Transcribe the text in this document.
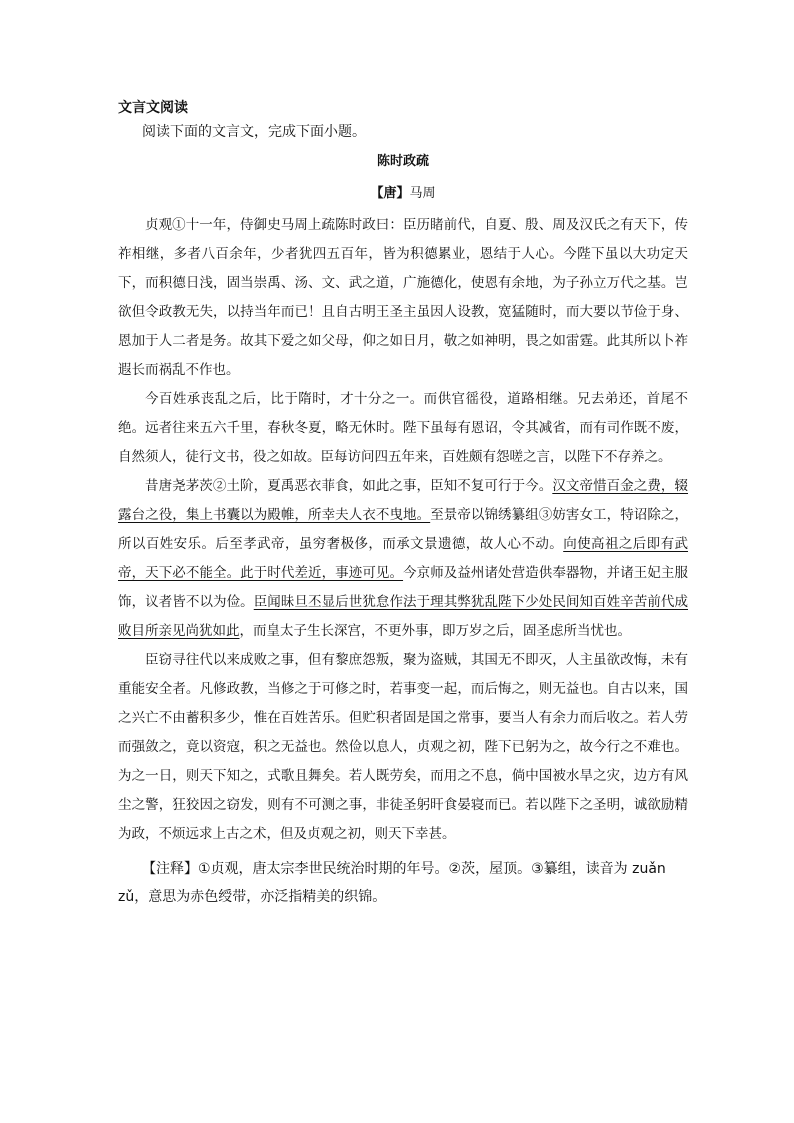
文言文阅读

阅读下面的文言文，完成下面小题。

陈时政疏

【唐】马周

贞观①十一年，侍御史马周上疏陈时政曰：臣历睹前代，自夏、殷、周及汉氏之有天下，传祚相继，多者八百余年，少者犹四五百年，皆为积德累业，恩结于人心。今陛下虽以大功定天下，而积德日浅，固当崇禹、汤、文、武之道，广施德化，使恩有余地，为子孙立万代之基。岂欲但令政教无失，以持当年而已！且自古明王圣主虽因人设教，宽猛随时，而大要以节俭于身、恩加于人二者是务。故其下爱之如父母，仰之如日月，敬之如神明，畏之如雷霆。此其所以卜祚遐长而祸乱不作也。

今百姓承丧乱之后，比于隋时，才十分之一。而供官徭役，道路相继。兄去弟还，首尾不绝。远者往来五六千里，春秋冬夏，略无休时。陛下虽每有恩诏，令其减省，而有司作既不废，自然须人，徒行文书，役之如故。臣每访问四五年来，百姓颇有怨嗟之言，以陛下不存养之。

昔唐尧茅茨②土阶，夏禹恶衣菲食，如此之事，臣知不复可行于今。汉文帝惜百金之费，辍露台之役，集上书囊以为殿帷，所幸夫人衣不曳地。至景帝以锦绣纂组③妨害女工，特诏除之，所以百姓安乐。后至孝武帝，虽穷奢极侈，而承文景遗德，故人心不动。向使高祖之后即有武帝，天下必不能全。此于时代差近，事迹可见。今京师及益州诸处营造供奉器物，并诸王妃主服饰，议者皆不以为俭。臣闻昧旦丕显后世犹怠作法于理其弊犹乱陛下少处民间知百姓辛苦前代成败目所亲见尚犹如此，而皇太子生长深宫，不更外事，即万岁之后，固圣虑所当忧也。

臣窃寻往代以来成败之事，但有黎庶怨叛，聚为盗贼，其国无不即灭，人主虽欲改悔，未有重能安全者。凡修政教，当修之于可修之时，若事变一起，而后悔之，则无益也。自古以来，国之兴亡不由蓄积多少，惟在百姓苦乐。但贮积者固是国之常事，要当人有余力而后收之。若人劳而强敛之，竟以资寇，积之无益也。然俭以息人，贞观之初，陛下已躬为之，故今行之不难也。为之一日，则天下知之，式歌且舞矣。若人既劳矣，而用之不息，倘中国被水旱之灾，边方有风尘之警，狂狡因之窃发，则有不可测之事，非徒圣躬旰食晏寝而已。若以陛下之圣明，诚欲励精为政，不烦远求上古之术，但及贞观之初，则天下幸甚。

【注释】①贞观，唐太宗李世民统治时期的年号。②茨，屋顶。③纂组，读音为 zuǎn zǔ，意思为赤色绶带，亦泛指精美的织锦。
